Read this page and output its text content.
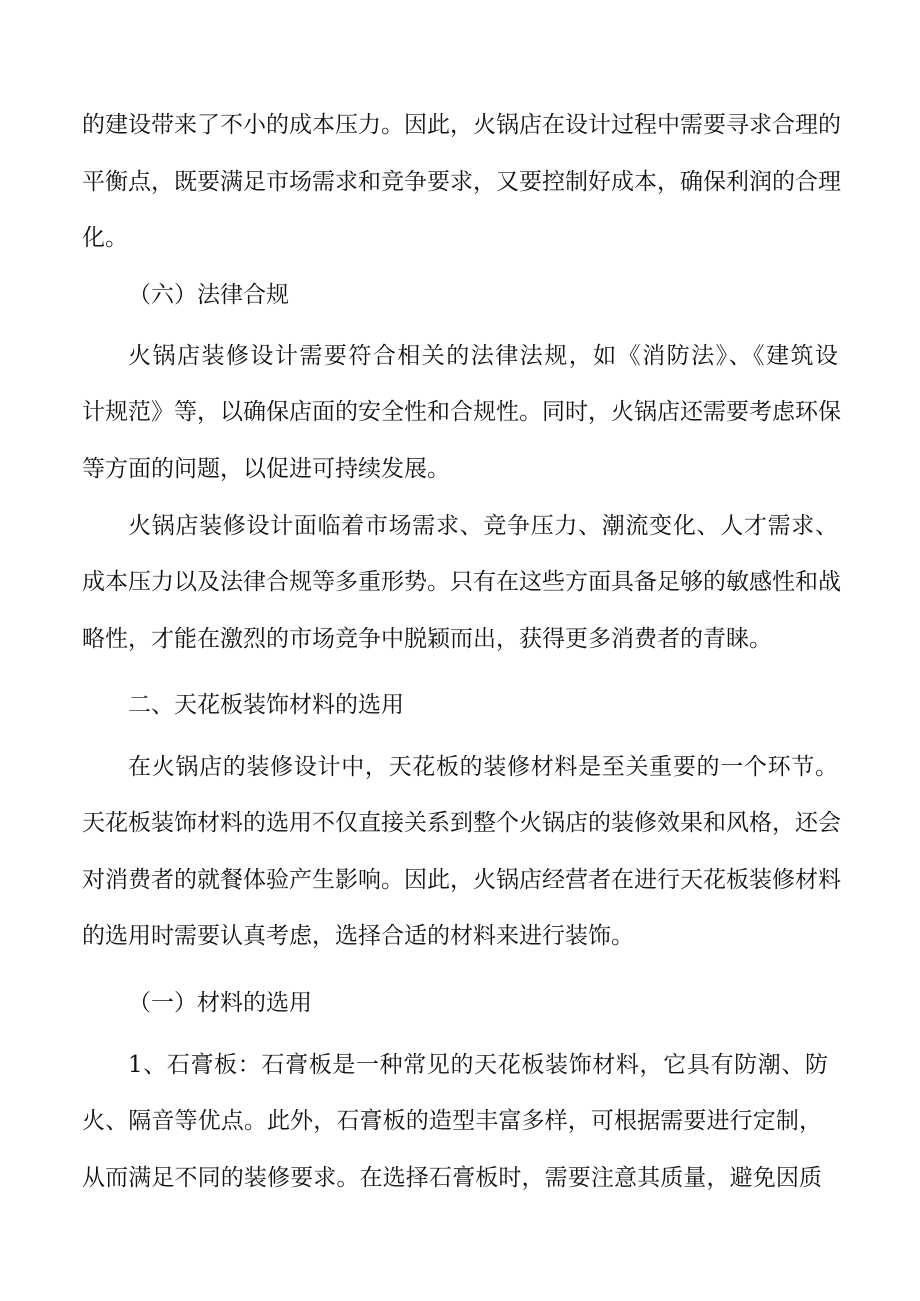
的建设带来了不小的成本压力。因此，火锅店在设计过程中需要寻求合理的
平衡点，既要满足市场需求和竞争要求，又要控制好成本，确保利润的合理
化。
（六）法律合规
火锅店装修设计需要符合相关的法律法规，如《消防法》、《建筑设
计规范》等，以确保店面的安全性和合规性。同时，火锅店还需要考虑环保
等方面的问题，以促进可持续发展。
火锅店装修设计面临着市场需求、竞争压力、潮流变化、人才需求、
成本压力以及法律合规等多重形势。只有在这些方面具备足够的敏感性和战
略性，才能在激烈的市场竞争中脱颖而出，获得更多消费者的青睐。
二、天花板装饰材料的选用
在火锅店的装修设计中，天花板的装修材料是至关重要的一个环节。
天花板装饰材料的选用不仅直接关系到整个火锅店的装修效果和风格，还会
对消费者的就餐体验产生影响。因此，火锅店经营者在进行天花板装修材料
的选用时需要认真考虑，选择合适的材料来进行装饰。
（一）材料的选用
1、石膏板：石膏板是一种常见的天花板装饰材料，它具有防潮、防
火、隔音等优点。此外，石膏板的造型丰富多样，可根据需要进行定制，
从而满足不同的装修要求。在选择石膏板时，需要注意其质量，避免因质
